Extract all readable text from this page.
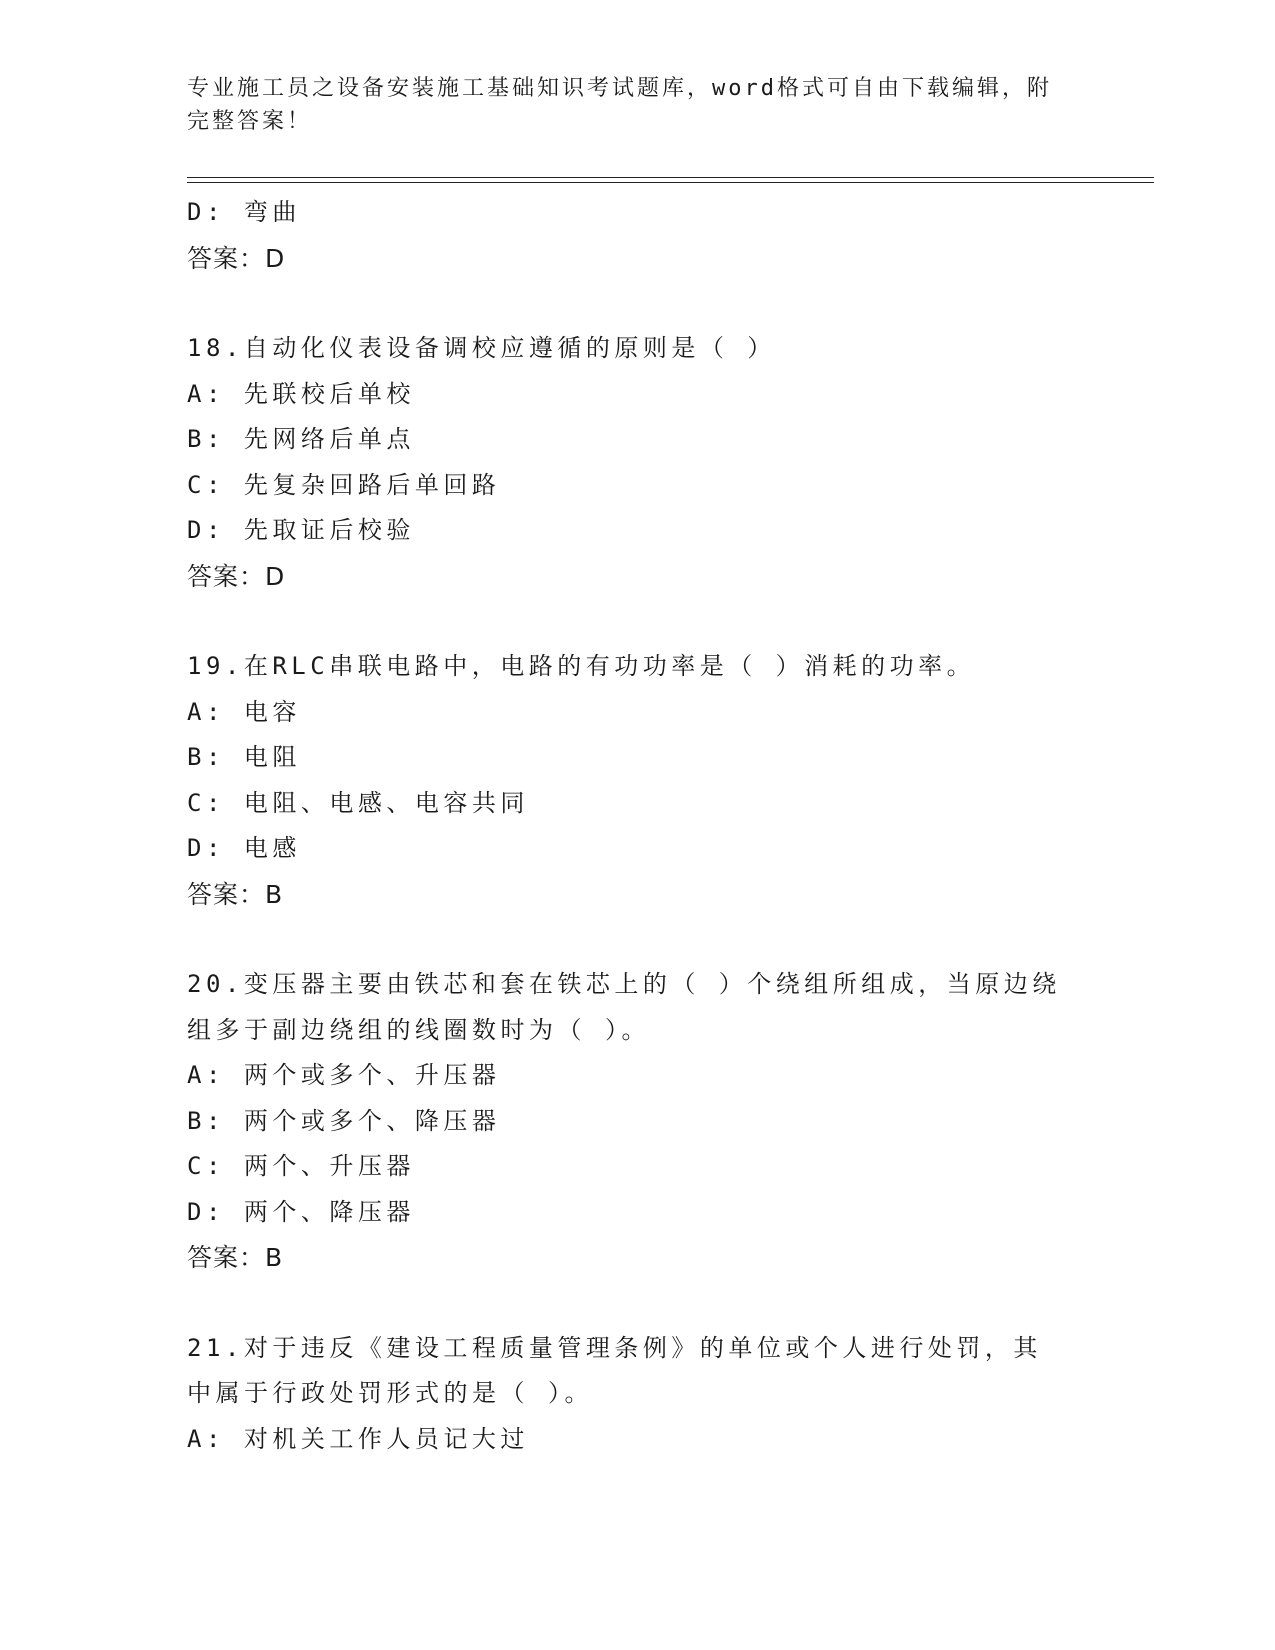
专业施工员之设备安装施工基础知识考试题库，word格式可自由下载编辑，附完整答案！
D: 弯曲
答案：D
18.自动化仪表设备调校应遵循的原则是（ ）
A: 先联校后单校
B: 先网络后单点
C: 先复杂回路后单回路
D: 先取证后校验
答案：D
19.在RLC串联电路中，电路的有功功率是（ ）消耗的功率。
A: 电容
B: 电阻
C: 电阻、电感、电容共同
D: 电感
答案：B
20.变压器主要由铁芯和套在铁芯上的（ ）个绕组所组成，当原边绕组多于副边绕组的线圈数时为（ ）。
A: 两个或多个、升压器
B: 两个或多个、降压器
C: 两个、升压器
D: 两个、降压器
答案：B
21.对于违反《建设工程质量管理条例》的单位或个人进行处罚，其中属于行政处罚形式的是（ ）。
A: 对机关工作人员记大过
